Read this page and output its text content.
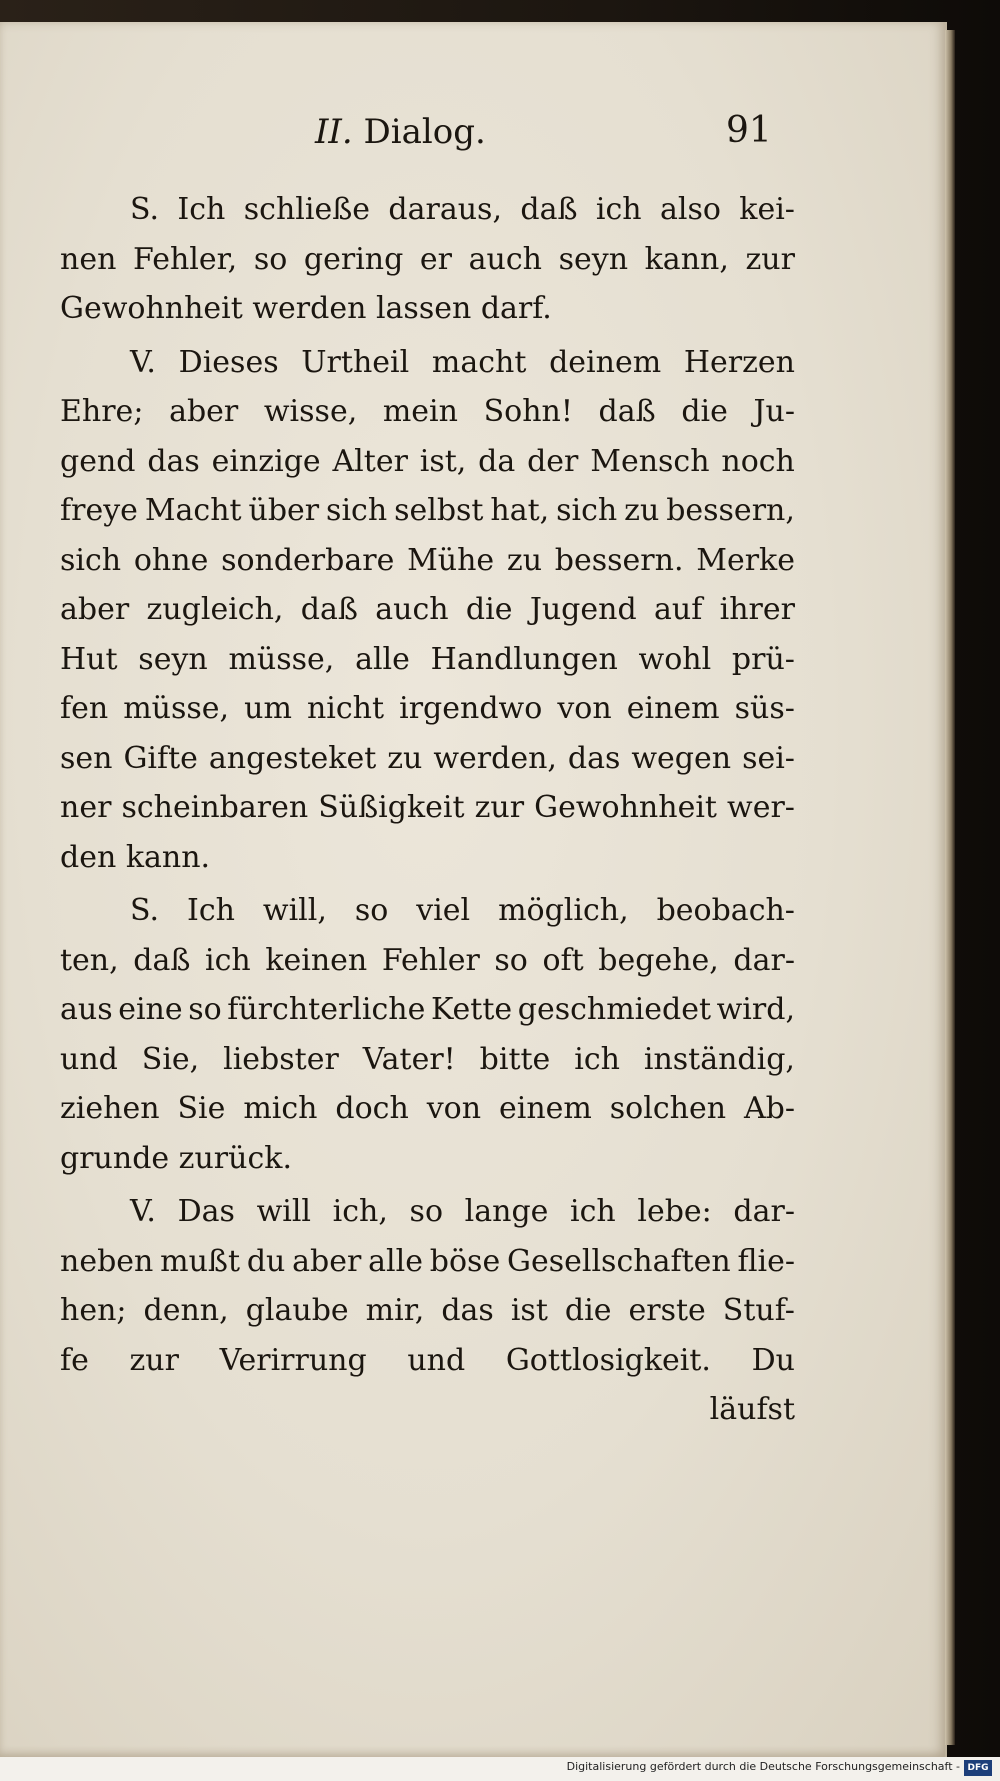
II. Dialog.	91
S. Ich schließe daraus, daß ich also kei-
nen Fehler, so gering er auch seyn kann, zur
Gewohnheit werden lassen darf.
V. Dieses Urtheil macht deinem Herzen
Ehre; aber wisse, mein Sohn! daß die Ju-
gend das einzige Alter ist, da der Mensch noch
freye Macht über sich selbst hat, sich zu bessern,
sich ohne sonderbare Mühe zu bessern. Merke
aber zugleich, daß auch die Jugend auf ihrer
Hut seyn müsse, alle Handlungen wohl prü-
fen müsse, um nicht irgendwo von einem süs-
sen Gifte angesteket zu werden, das wegen sei-
ner scheinbaren Süßigkeit zur Gewohnheit wer-
den kann.
S. Ich will, so viel möglich, beobach-
ten, daß ich keinen Fehler so oft begehe, dar-
aus eine so fürchterliche Kette geschmiedet wird,
und Sie, liebster Vater! bitte ich inständig,
ziehen Sie mich doch von einem solchen Ab-
grunde zurück.
V. Das will ich, so lange ich lebe: dar-
neben mußt du aber alle böse Gesellschaften flie-
hen; denn, glaube mir, das ist die erste Stuf-
fe zur Verirrung und Gottlosigkeit. Du
läufst
Digitalisierung gefördert durch die Deutsche Forschungsgemeinschaft - DFG
